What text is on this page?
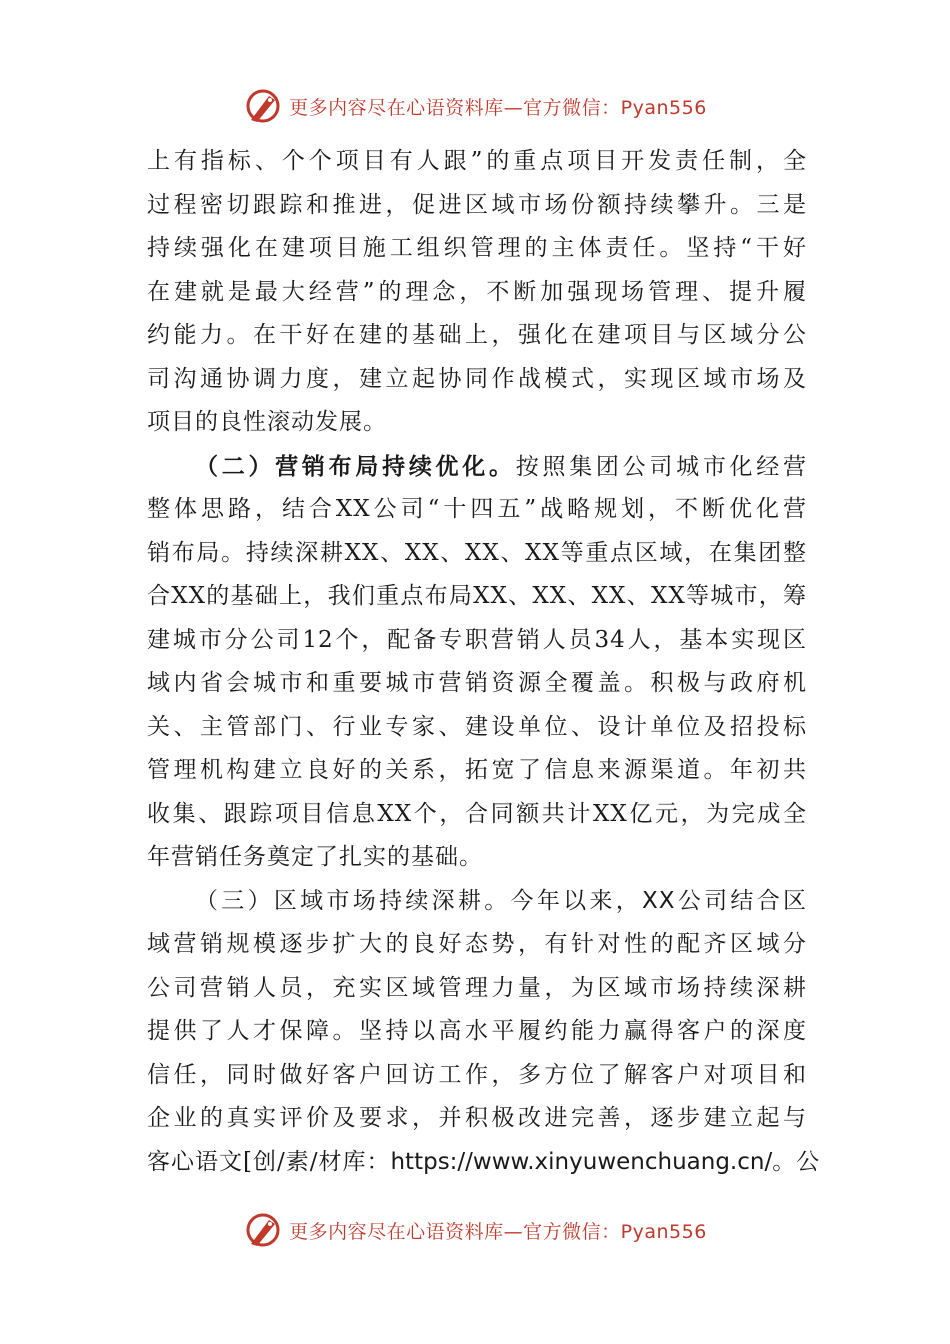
更多内容尽在心语资料库—官方微信：Pyan556
上有指标、个个项目有人跟”的重点项目开发责任制，全
过程密切跟踪和推进，促进区域市场份额持续攀升。三是
持续强化在建项目施工组织管理的主体责任。坚持“干好
在建就是最大经营”的理念，不断加强现场管理、提升履
约能力。在干好在建的基础上，强化在建项目与区域分公
司沟通协调力度，建立起协同作战模式，实现区域市场及
项目的良性滚动发展。
（二）营销布局持续优化。按照集团公司城市化经营
整体思路，结合XX公司“十四五”战略规划，不断优化营
销布局。持续深耕XX、XX、XX、XX等重点区域，在集团整
合XX的基础上，我们重点布局XX、XX、XX、XX等城市，筹
建城市分公司12个，配备专职营销人员34人，基本实现区
域内省会城市和重要城市营销资源全覆盖。积极与政府机
关、主管部门、行业专家、建设单位、设计单位及招投标
管理机构建立良好的关系，拓宽了信息来源渠道。年初共
收集、跟踪项目信息XX个，合同额共计XX亿元，为完成全
年营销任务奠定了扎实的基础。
（三）区域市场持续深耕。今年以来，XX公司结合区
域营销规模逐步扩大的良好态势，有针对性的配齐区域分
公司营销人员，充实区域管理力量，为区域市场持续深耕
提供了人才保障。坚持以高水平履约能力赢得客户的深度
信任，同时做好客户回访工作，多方位了解客户对项目和
企业的真实评价及要求，并积极改进完善，逐步建立起与
客心语文[创/素/材库：https://www.xinyuwenchuang.cn/。公
更多内容尽在心语资料库—官方微信：Pyan556
